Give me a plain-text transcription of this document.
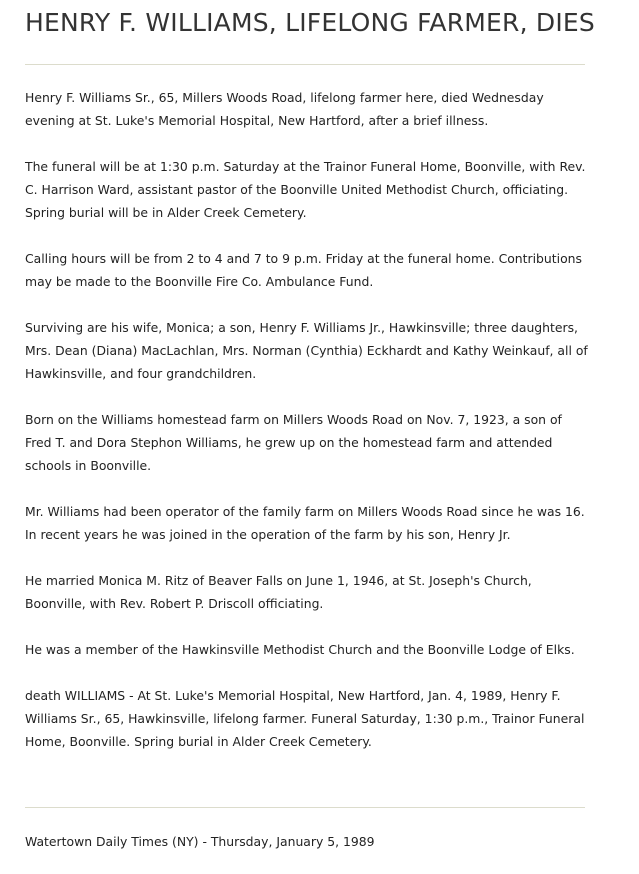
HENRY F. WILLIAMS, LIFELONG FARMER, DIES

Henry F. Williams Sr., 65, Millers Woods Road, lifelong farmer here, died Wednesday evening at St. Luke's Memorial Hospital, New Hartford, after a brief illness.

The funeral will be at 1:30 p.m. Saturday at the Trainor Funeral Home, Boonville, with Rev. C. Harrison Ward, assistant pastor of the Boonville United Methodist Church, officiating. Spring burial will be in Alder Creek Cemetery.

Calling hours will be from 2 to 4 and 7 to 9 p.m. Friday at the funeral home. Contributions may be made to the Boonville Fire Co. Ambulance Fund.

Surviving are his wife, Monica; a son, Henry F. Williams Jr., Hawkinsville; three daughters, Mrs. Dean (Diana) MacLachlan, Mrs. Norman (Cynthia) Eckhardt and Kathy Weinkauf, all of Hawkinsville, and four grandchildren.

Born on the Williams homestead farm on Millers Woods Road on Nov. 7, 1923, a son of Fred T. and Dora Stephon Williams, he grew up on the homestead farm and attended schools in Boonville.

Mr. Williams had been operator of the family farm on Millers Woods Road since he was 16. In recent years he was joined in the operation of the farm by his son, Henry Jr.

He married Monica M. Ritz of Beaver Falls on June 1, 1946, at St. Joseph's Church, Boonville, with Rev. Robert P. Driscoll officiating.

He was a member of the Hawkinsville Methodist Church and the Boonville Lodge of Elks.

death WILLIAMS - At St. Luke's Memorial Hospital, New Hartford, Jan. 4, 1989, Henry F. Williams Sr., 65, Hawkinsville, lifelong farmer. Funeral Saturday, 1:30 p.m., Trainor Funeral Home, Boonville. Spring burial in Alder Creek Cemetery.

Watertown Daily Times (NY) - Thursday, January 5, 1989
